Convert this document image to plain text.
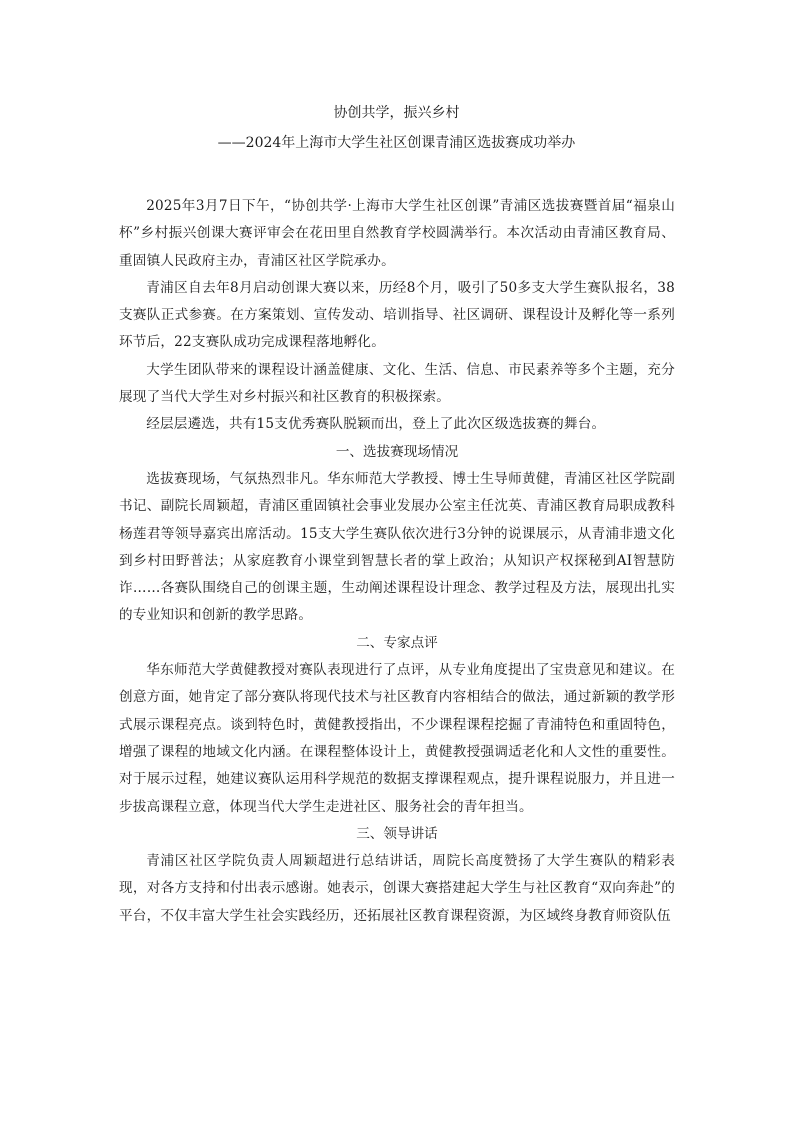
协创共学，振兴乡村
——2024年上海市大学生社区创课青浦区选拔赛成功举办

2025年3月7日下午，“协创共学·上海市大学生社区创课”青浦区选拔赛暨首届“福泉山杯”乡村振兴创课大赛评审会在花田里自然教育学校圆满举行。本次活动由青浦区教育局、重固镇人民政府主办，青浦区社区学院承办。

青浦区自去年8月启动创课大赛以来，历经8个月，吸引了50多支大学生赛队报名，38支赛队正式参赛。在方案策划、宣传发动、培训指导、社区调研、课程设计及孵化等一系列环节后，22支赛队成功完成课程落地孵化。

大学生团队带来的课程设计涵盖健康、文化、生活、信息、市民素养等多个主题，充分展现了当代大学生对乡村振兴和社区教育的积极探索。

经层层遴选，共有15支优秀赛队脱颖而出，登上了此次区级选拔赛的舞台。

一、选拔赛现场情况

选拔赛现场，气氛热烈非凡。华东师范大学教授、博士生导师黄健，青浦区社区学院副书记、副院长周颖超，青浦区重固镇社会事业发展办公室主任沈英、青浦区教育局职成教科杨莲君等领导嘉宾出席活动。15支大学生赛队依次进行3分钟的说课展示，从青浦非遗文化到乡村田野普法；从家庭教育小课堂到智慧长者的掌上政治；从知识产权探秘到AI智慧防诈……各赛队围绕自己的创课主题，生动阐述课程设计理念、教学过程及方法，展现出扎实的专业知识和创新的教学思路。

二、专家点评

华东师范大学黄健教授对赛队表现进行了点评，从专业角度提出了宝贵意见和建议。在创意方面，她肯定了部分赛队将现代技术与社区教育内容相结合的做法，通过新颖的教学形式展示课程亮点。谈到特色时，黄健教授指出，不少课程课程挖掘了青浦特色和重固特色，增强了课程的地域文化内涵。在课程整体设计上，黄健教授强调适老化和人文性的重要性。对于展示过程，她建议赛队运用科学规范的数据支撑课程观点，提升课程说服力，并且进一步拔高课程立意，体现当代大学生走进社区、服务社会的青年担当。

三、领导讲话

青浦区社区学院负责人周颖超进行总结讲话，周院长高度赞扬了大学生赛队的精彩表现，对各方支持和付出表示感谢。她表示，创课大赛搭建起大学生与社区教育“双向奔赴”的平台，不仅丰富大学生社会实践经历，还拓展社区教育课程资源，为区域终身教育师资队伍
